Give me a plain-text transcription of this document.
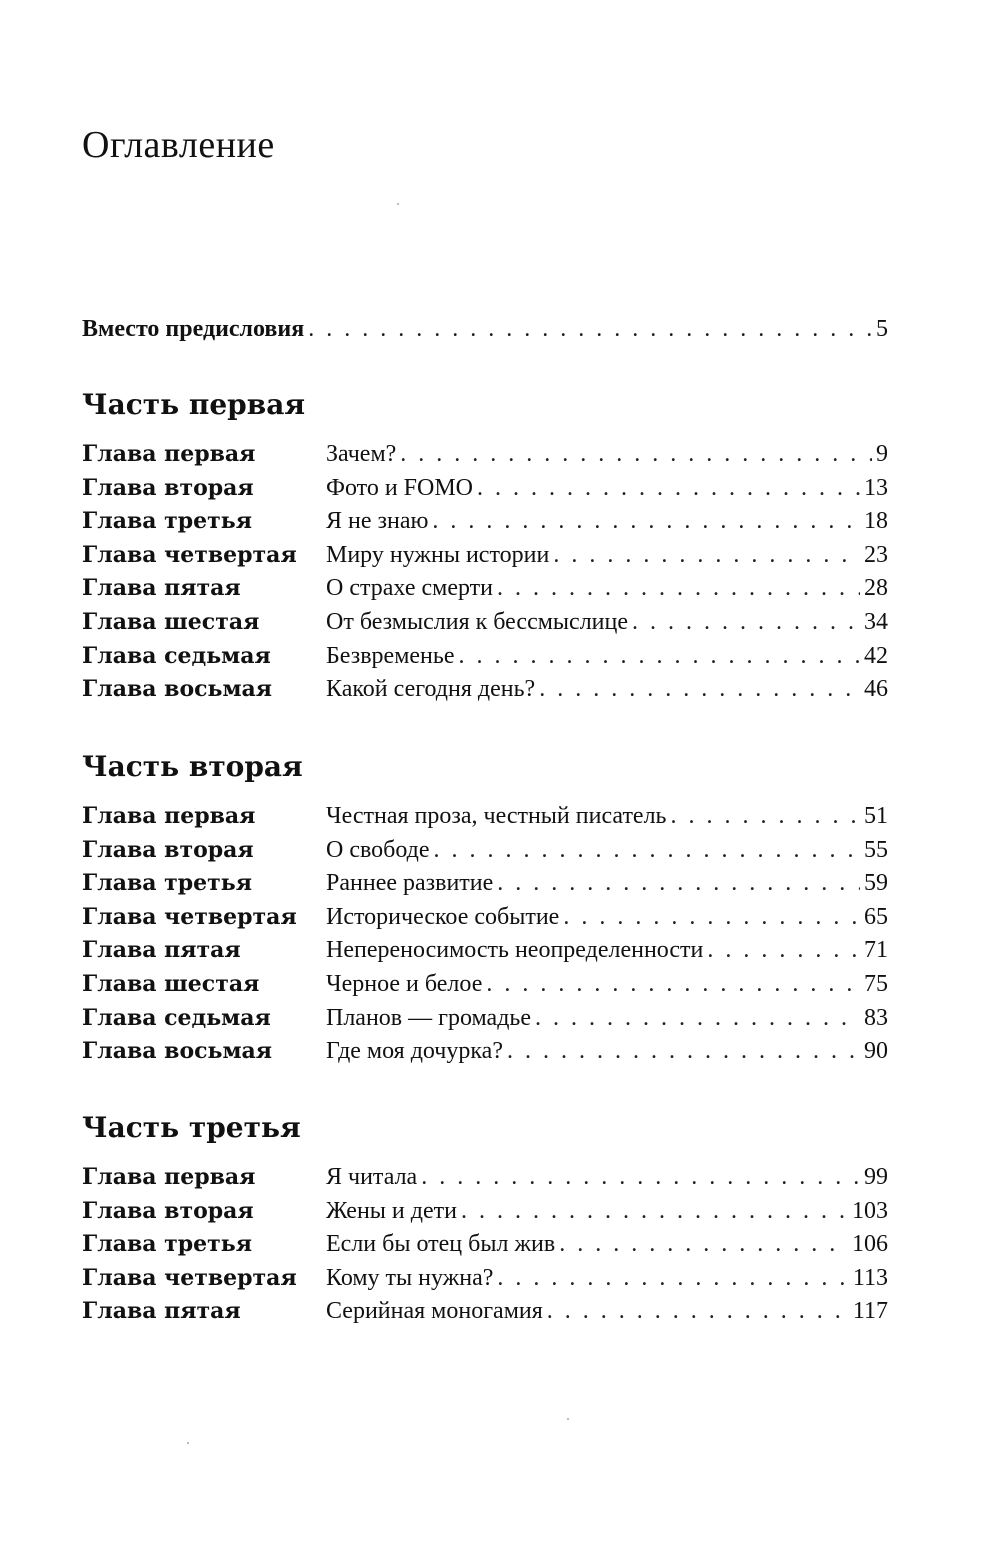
Оглавление
Вместо предисловия . . .	5
Часть первая
Глава первая	Зачем? . . .	9
Глава вторая	Фото и FOMO . . .	13
Глава третья	Я не знаю . . .	18
Глава четвертая	Миру нужны истории . . .	23
Глава пятая	О страхе смерти . . .	28
Глава шестая	От безмыслия к бессмыслице . . .	34
Глава седьмая	Безвременье . . .	42
Глава восьмая	Какой сегодня день? . . .	46
Часть вторая
Глава первая	Честная проза, честный писатель . . .	51
Глава вторая	О свободе . . .	55
Глава третья	Раннее развитие . . .	59
Глава четвертая	Историческое событие . . .	65
Глава пятая	Непереносимость неопределенности . . .	71
Глава шестая	Черное и белое . . .	75
Глава седьмая	Планов — громадье . . .	83
Глава восьмая	Где моя дочурка? . . .	90
Часть третья
Глава первая	Я читала . . .	99
Глава вторая	Жены и дети . . .	103
Глава третья	Если бы отец был жив . . .	106
Глава четвертая	Кому ты нужна? . . .	113
Глава пятая	Серийная моногамия . . .	117
